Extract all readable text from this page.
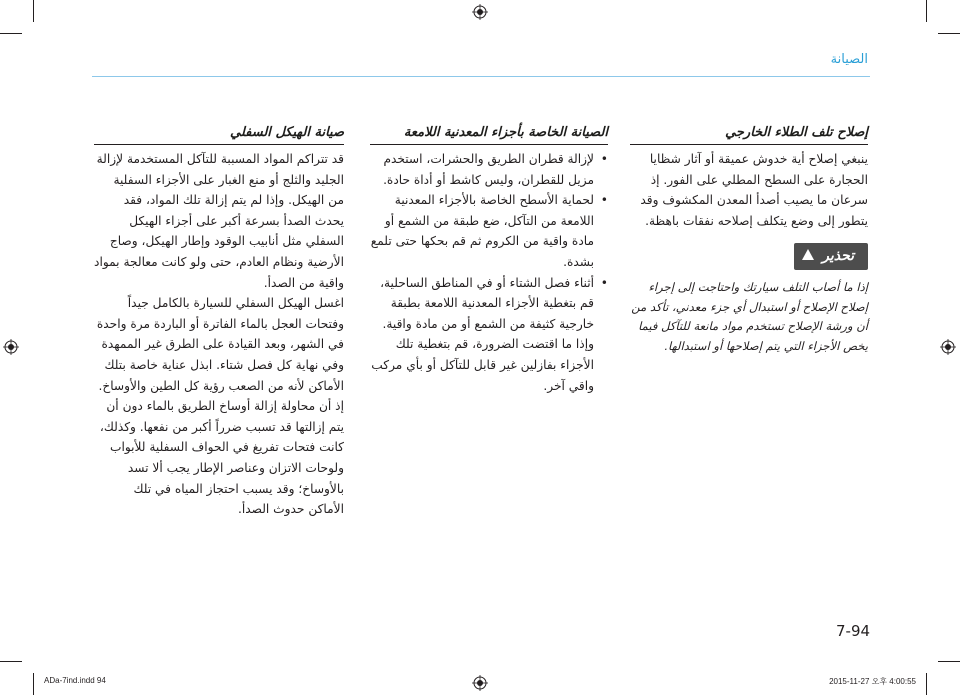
الصيانة
إصلاح تلف الطلاء الخارجي

ينبغي إصلاح أية خدوش عميقة أو آثار شظايا الحجارة على السطح المطلي على الفور. إذ سرعان ما يصيب أصدأ المعدن المكشوف وقد يتطور إلى وضع يتكلف إصلاحه نفقات باهظة.

تحذير

إذا ما أصاب التلف سيارتك واحتاجت إلى إجراء إصلاح الإصلاح أو استبدال أي جزء معدني، تأكد من أن ورشة الإصلاح تستخدم مواد مانعة للتآكل فيما يخص الأجزاء التي يتم إصلاحها أو استبدالها.

الصيانة الخاصة بأجزاء المعدنية اللامعة
• لإزالة قطران الطريق والحشرات، استخدم مزيل للقطران، وليس كاشط أو أداة حادة.
• لحماية الأسطح الخاصة بالأجزاء المعدنية اللامعة من التآكل، ضع طبقة من الشمع أو مادة واقية من الكروم ثم قم بحكها حتى تلمع بشدة.
• أثناء فصل الشتاء أو في المناطق الساحلية، قم بتغطية الأجزاء المعدنية اللامعة بطبقة خارجية كثيفة من الشمع أو من مادة واقية. وإذا ما اقتضت الضرورة، قم بتغطية تلك الأجزاء بفازلين غير قابل للتآكل أو بأي مركب واقي آخر.
صيانة الهيكل السفلي

قد تتراكم المواد المسببة للتآكل المستخدمة لإزالة الجليد والثلج أو منع الغبار على الأجزاء السفلية من الهيكل. وإذا لم يتم إزالة تلك المواد، فقد يحدث الصدأ بسرعة أكبر على أجزاء الهيكل السفلي مثل أنابيب الوقود وإطار الهيكل، وصاج الأرضية ونظام العادم، حتى ولو كانت معالجة بمواد واقية من الصدأ.

اغسل الهيكل السفلي للسيارة بالكامل جيداً وفتحات العجل بالماء الفاترة أو الباردة مرة واحدة في الشهر، وبعد القيادة على الطرق غير الممهدة وفي نهاية كل فصل شتاء. ابذل عناية خاصة بتلك الأماكن لأنه من الصعب رؤية كل الطين والأوساخ. إذ أن محاولة إزالة أوساخ الطريق بالماء دون أن يتم إزالتها قد تسبب ضرراً أكبر من نفعها. وكذلك، كانت فتحات تفريغ في الحواف السفلية للأبواب ولوحات الاتزان وعناصر الإطار يجب ألا تسد بالأوساخ؛ وقد يسبب احتجاز المياه في تلك الأماكن حدوث الصدأ.

7-94
ADa-7ind.indd 94	2015-11-27 오후 4:00:55
